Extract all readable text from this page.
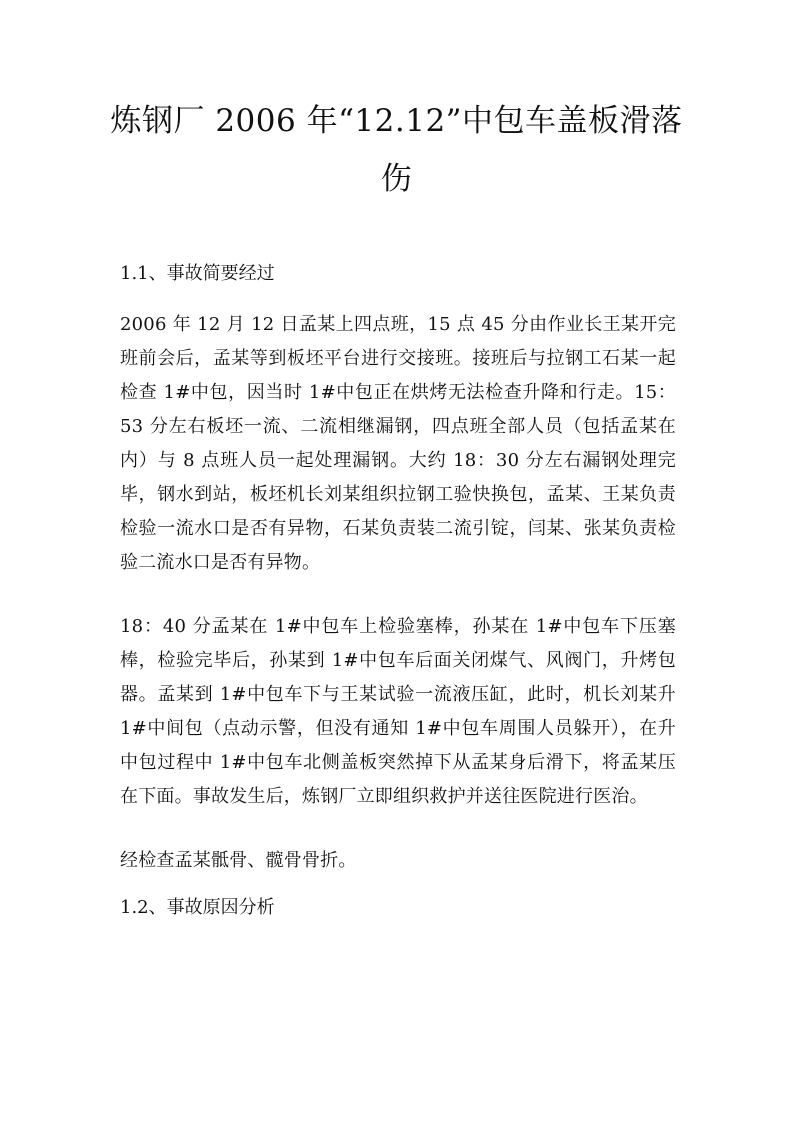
炼钢厂 2006 年“12.12”中包车盖板滑落伤

1.1、事故简要经过

2006 年 12 月 12 日孟某上四点班，15 点 45 分由作业长王某开完班前会后，孟某等到板坯平台进行交接班。接班后与拉钢工石某一起检查 1#中包，因当时 1#中包正在烘烤无法检查升降和行走。15：53 分左右板坯一流、二流相继漏钢，四点班全部人员（包括孟某在内）与 8 点班人员一起处理漏钢。大约 18：30 分左右漏钢处理完毕，钢水到站，板坯机长刘某组织拉钢工验快换包，孟某、王某负责检验一流水口是否有异物，石某负责装二流引锭，闫某、张某负责检验二流水口是否有异物。

18：40 分孟某在 1#中包车上检验塞棒，孙某在 1#中包车下压塞棒，检验完毕后，孙某到 1#中包车后面关闭煤气、风阀门，升烤包器。孟某到 1#中包车下与王某试验一流液压缸，此时，机长刘某升 1#中间包（点动示警，但没有通知 1#中包车周围人员躲开），在升中包过程中 1#中包车北侧盖板突然掉下从孟某身后滑下，将孟某压在下面。事故发生后，炼钢厂立即组织救护并送往医院进行医治。

经检查孟某骶骨、髋骨骨折。

1.2、事故原因分析
